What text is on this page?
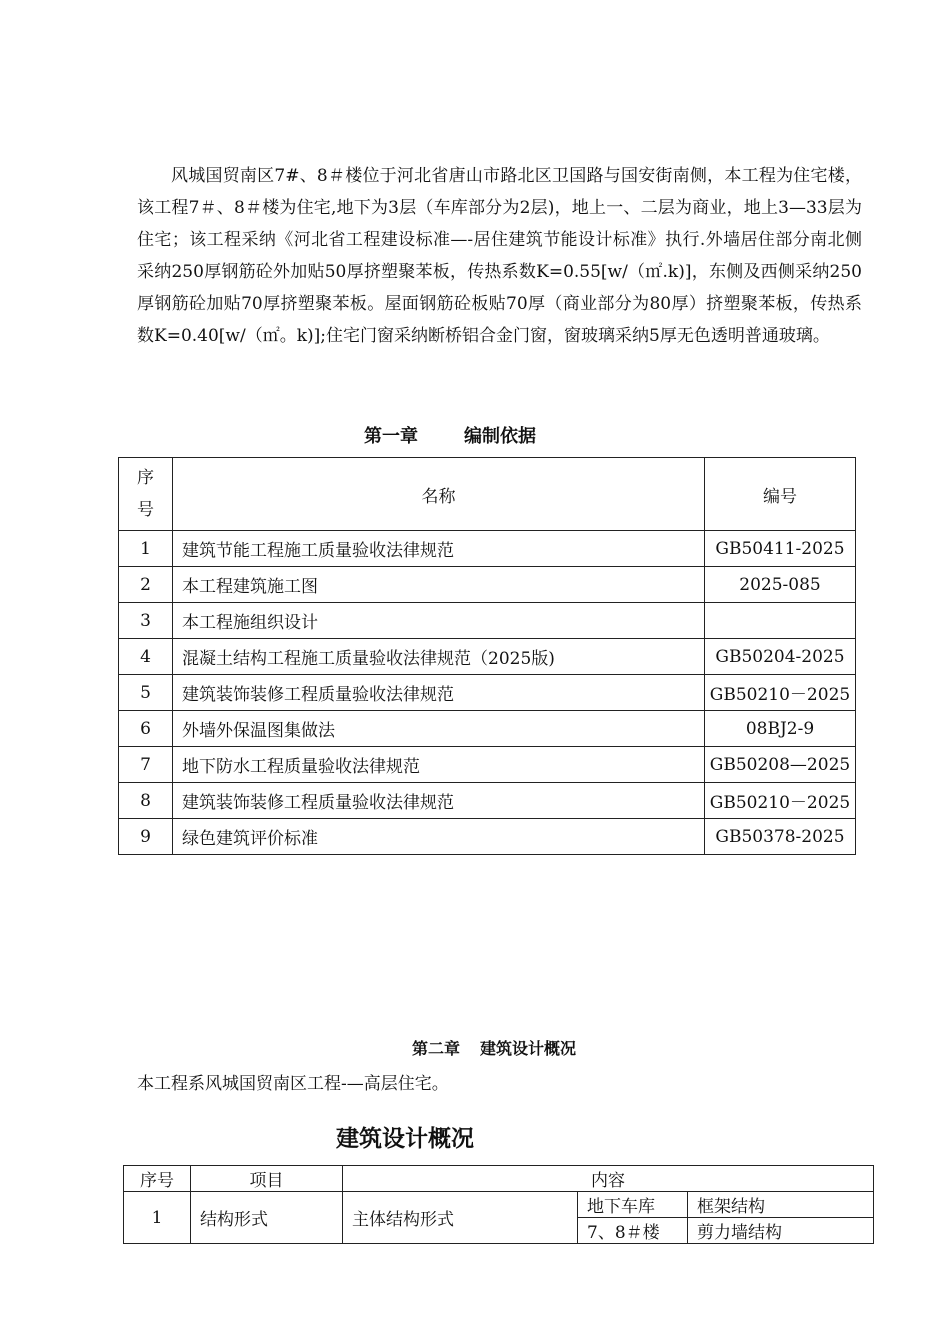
风城国贸南区7#、8＃楼位于河北省唐山市路北区卫国路与国安街南侧，本工程为住宅楼，该工程7＃、8＃楼为住宅,地下为3层（车库部分为2层)，地上一、二层为商业，地上3—33层为住宅；该工程采纳《河北省工程建设标准—-居住建筑节能设计标准》执行.外墙居住部分南北侧采纳250厚钢筋砼外加贴50厚挤塑聚苯板，传热系数K=0.55[w/（㎡.k)]，东侧及西侧采纳250厚钢筋砼加贴70厚挤塑聚苯板。屋面钢筋砼板贴70厚（商业部分为80厚）挤塑聚苯板，传热系数K=0.40[w/（㎡。k)];住宅门窗采纳断桥铝合金门窗，窗玻璃采纳5厚无色透明普通玻璃。

第一章	编制依据
序
号	名称	编号
1	建筑节能工程施工质量验收法律规范	GB50411-2025
2	本工程建筑施工图	2025-085
3	本工程施组织设计	
4	混凝土结构工程施工质量验收法律规范（2025版)	GB50204-2025
5	建筑装饰装修工程质量验收法律规范	GB50210－2025
6	外墙外保温图集做法	08BJ2-9
7	地下防水工程质量验收法律规范	GB50208—2025
8	建筑装饰装修工程质量验收法律规范	GB50210－2025
9	绿色建筑评价标准	GB50378-2025
第二章 建筑设计概况
本工程系风城国贸南区工程-—高层住宅。
建筑设计概况
序号	项目	内容		
1	结构形式	主体结构形式	地下车库	框架结构
			7、8＃楼	剪力墙结构
